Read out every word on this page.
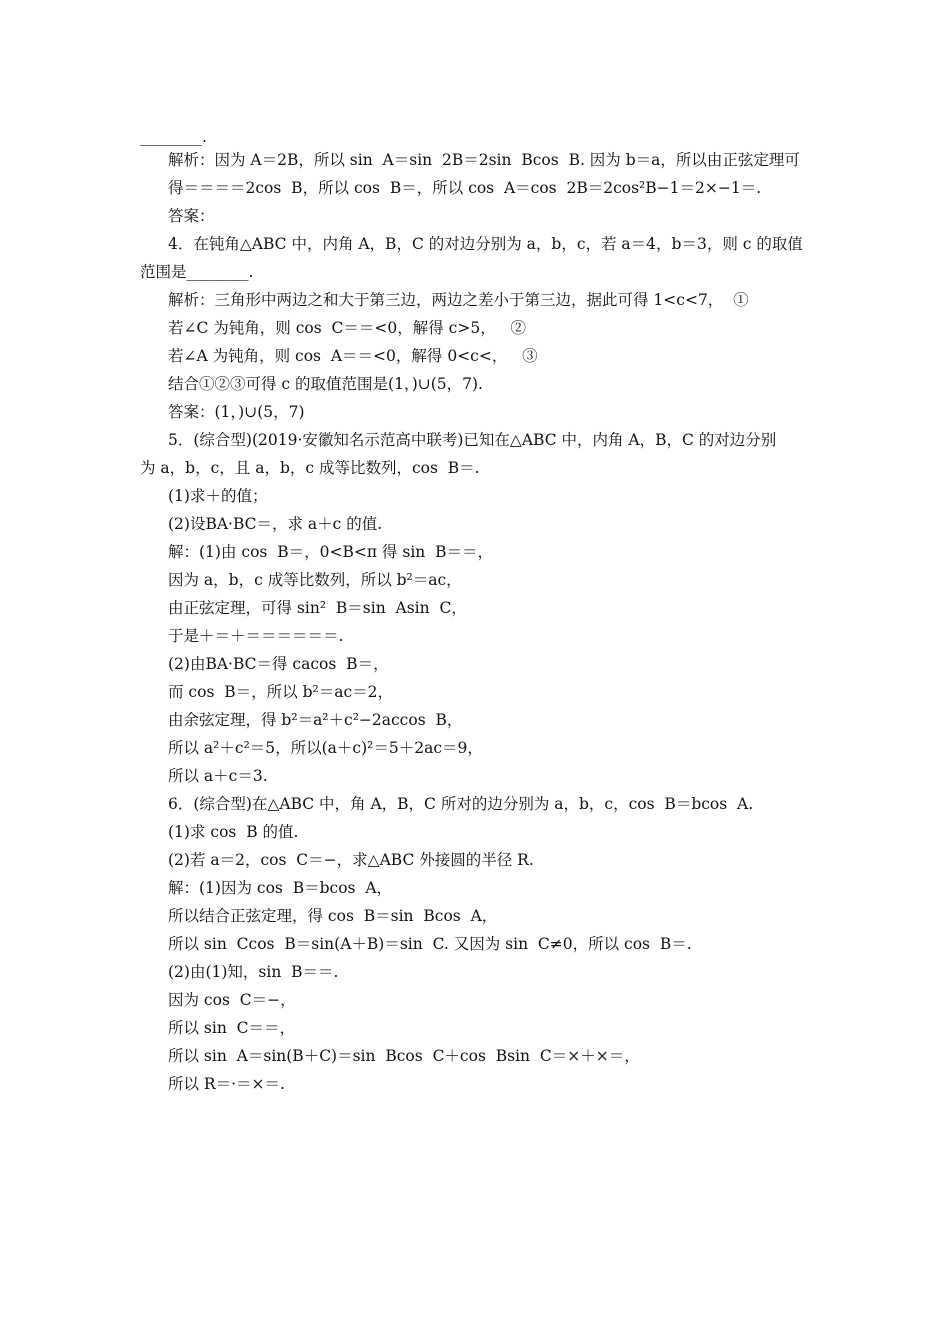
________.
解析：因为 A＝2B，所以 sin  A＝sin  2B＝2sin  Bcos  B. 因为 b＝a，所以由正弦定理可
得＝＝＝＝2cos  B，所以 cos  B＝，所以 cos  A＝cos  2B＝2cos²B−1＝2×−1＝.
答案：
4．在钝角△ABC 中，内角 A，B，C 的对边分别为 a，b，c，若 a＝4，b＝3，则 c 的取值
范围是________.
解析：三角形中两边之和大于第三边，两边之差小于第三边，据此可得 1<c<7，  ①
若∠C 为钝角，则 cos  C＝＝<0，解得 c>5，   ②
若∠A 为钝角，则 cos  A＝＝<0，解得 0<c<，   ③
结合①②③可得 c 的取值范围是(1，)∪(5，7).
答案：(1，)∪(5，7)
5．(综合型)(2019·安徽知名示范高中联考)已知在△ABC 中，内角 A，B，C 的对边分别
为 a，b，c，且 a，b，c 成等比数列，cos  B＝.
(1)求＋的值；
(2)设BA·BC＝，求 a＋c 的值.
解：(1)由 cos  B＝，0<B<π 得 sin  B＝＝，
因为 a，b，c 成等比数列，所以 b²＝ac，
由正弦定理，可得 sin²  B＝sin  Asin  C，
于是＋＝＋＝＝＝＝＝＝.
(2)由BA·BC＝得 cacos  B＝，
而 cos  B＝，所以 b²＝ac＝2，
由余弦定理，得 b²＝a²＋c²−2accos  B，
所以 a²＋c²＝5，所以(a＋c)²＝5＋2ac＝9，
所以 a＋c＝3.
6．(综合型)在△ABC 中，角 A，B，C 所对的边分别为 a，b，c，cos  B＝bcos  A.
(1)求 cos  B 的值.
(2)若 a＝2，cos  C＝−，求△ABC 外接圆的半径 R.
解：(1)因为 cos  B＝bcos  A，
所以结合正弦定理，得 cos  B＝sin  Bcos  A，
所以 sin  Ccos  B＝sin(A＋B)＝sin  C. 又因为 sin  C≠0，所以 cos  B＝.
(2)由(1)知，sin  B＝＝.
因为 cos  C＝−，
所以 sin  C＝＝，
所以 sin  A＝sin(B＋C)＝sin  Bcos  C＋cos  Bsin  C＝×＋×＝，
所以 R＝·＝×＝.
